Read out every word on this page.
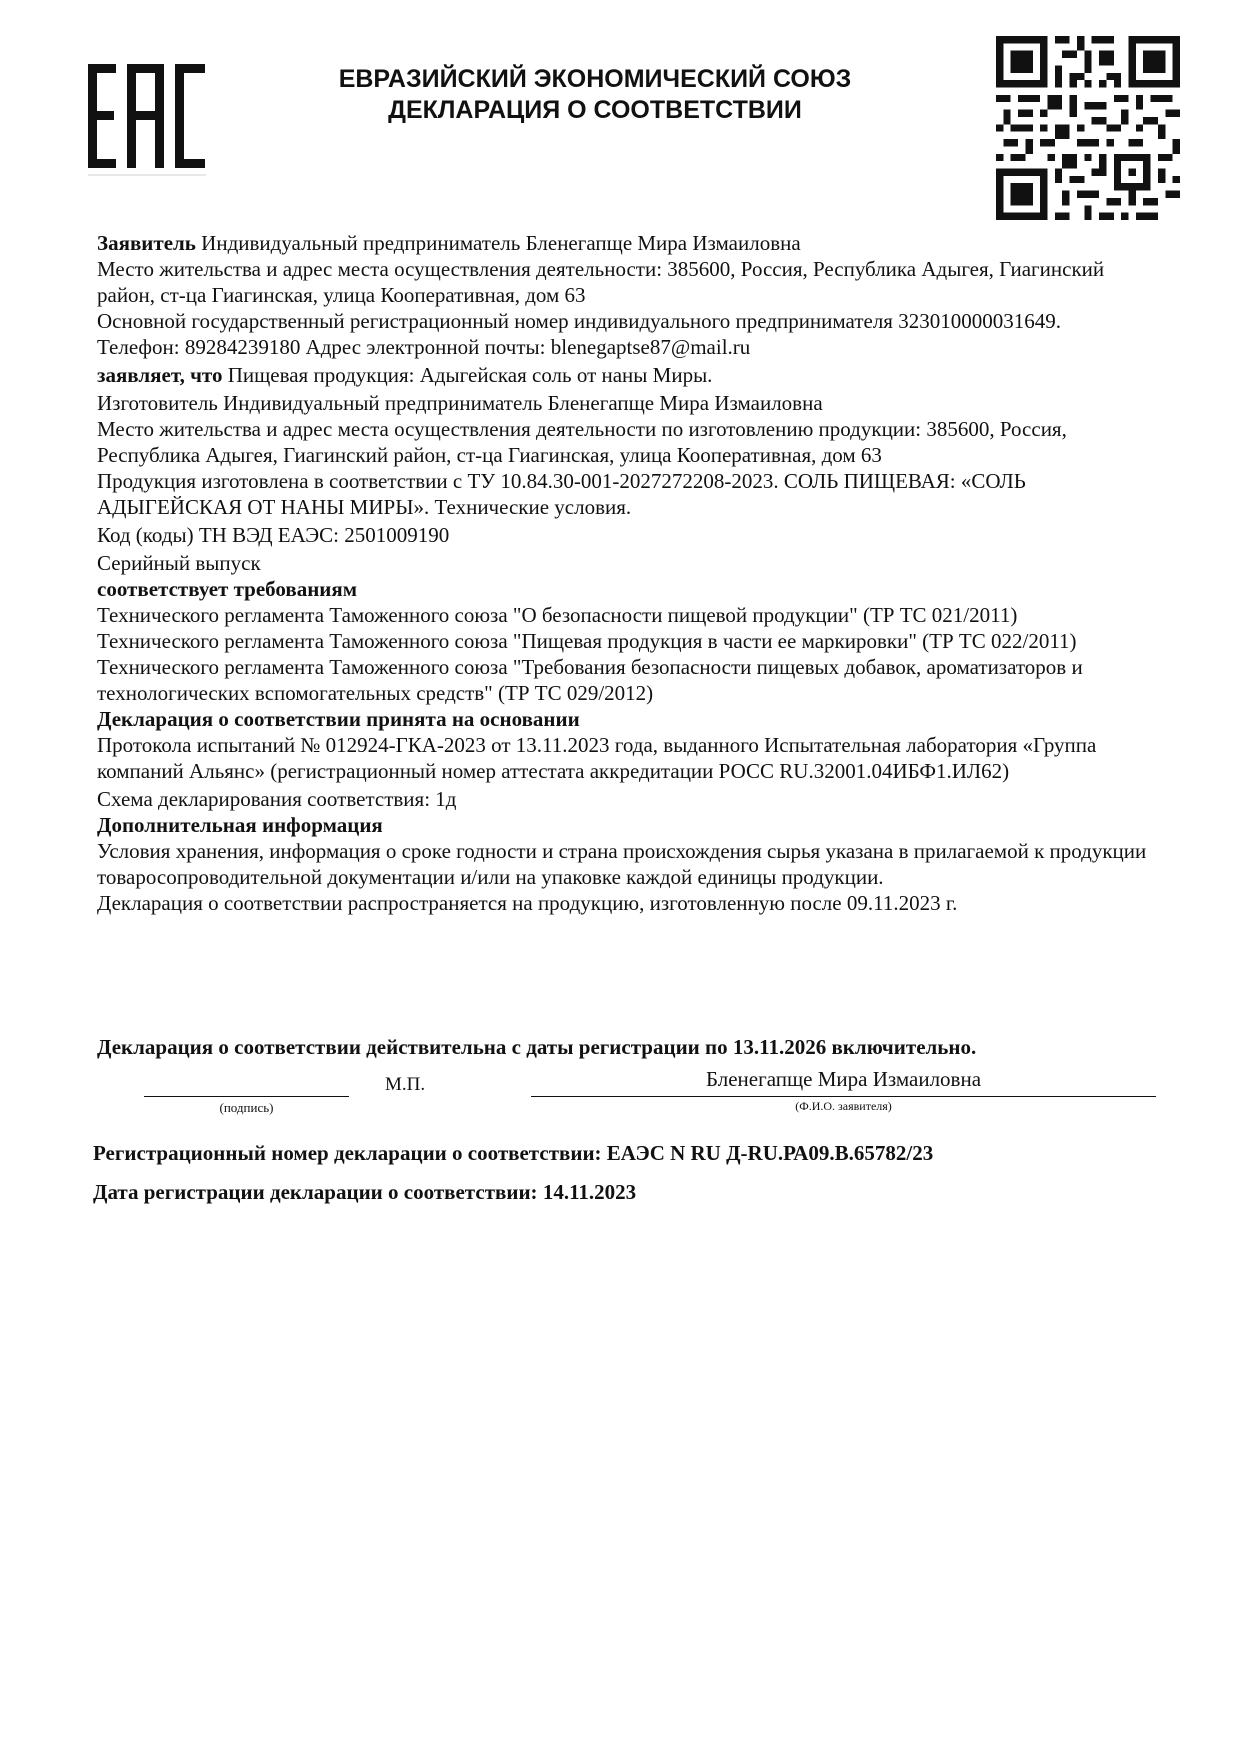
ЕВРАЗИЙСКИЙ ЭКОНОМИЧЕСКИЙ СОЮЗ
ДЕКЛАРАЦИЯ О СООТВЕТСТВИИ

Заявитель Индивидуальный предприниматель Бленегапще Мира Измаиловна

Место жительства и адрес места осуществления деятельности: 385600, Россия, Республика Адыгея, Гиагинский район, ст-ца Гиагинская, улица Кооперативная, дом 63

Основной государственный регистрационный номер индивидуального предпринимателя 323010000031649.

Телефон: 89284239180 Адрес электронной почты: blenegaptse87@mail.ru

заявляет, что Пищевая продукция: Адыгейская соль от наны Миры.

Изготовитель Индивидуальный предприниматель Бленегапще Мира Измаиловна

Место жительства и адрес места осуществления деятельности по изготовлению продукции: 385600, Россия, Республика Адыгея, Гиагинский район, ст-ца Гиагинская, улица Кооперативная, дом 63

Продукция изготовлена в соответствии с ТУ 10.84.30-001-2027272208-2023. СОЛЬ ПИЩЕВАЯ: «СОЛЬ АДЫГЕЙСКАЯ ОТ НАНЫ МИРЫ». Технические условия.

Код (коды) ТН ВЭД ЕАЭС: 2501009190

Серийный выпуск

соответствует требованиям

Технического регламента Таможенного союза "О безопасности пищевой продукции" (ТР ТС 021/2011)

Технического регламента Таможенного союза "Пищевая продукция в части ее маркировки" (ТР ТС 022/2011)

Технического регламента Таможенного союза "Требования безопасности пищевых добавок, ароматизаторов и технологических вспомогательных средств" (ТР ТС 029/2012)

Декларация о соответствии принята на основании

Протокола испытаний № 012924-ГКА-2023 от 13.11.2023 года, выданного Испытательная лаборатория «Группа компаний Альянс» (регистрационный номер аттестата аккредитации РОСС RU.32001.04ИБФ1.ИЛ62)

Схема декларирования соответствия: 1д

Дополнительная информация

Условия хранения, информация о сроке годности и страна происхождения сырья указана в прилагаемой к продукции товаросопроводительной документации и/или на упаковке каждой единицы продукции.

Декларация о соответствии распространяется на продукцию, изготовленную после 09.11.2023 г.

Декларация о соответствии действительна с даты регистрации по 13.11.2026 включительно.
(подпись)
М.П.	Бленегапще Мира Измаиловна
(Ф.И.О. заявителя)
Регистрационный номер декларации о соответствии: ЕАЭС N RU Д-RU.РА09.В.65782/23
Дата регистрации декларации о соответствии: 14.11.2023
